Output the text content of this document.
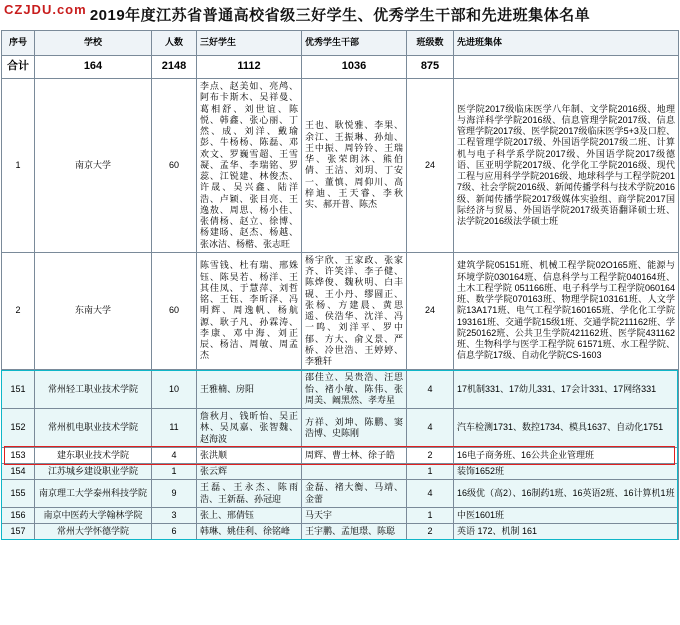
CZJDU.com 2019年度江苏省普通高校省级三好学生、优秀学生干部和先进班集体名单
序号	学校	人数	三好学生	优秀学生干部	班级数	先进班集体
合计	164	2148	1112	1036	875	
1	南京大学	60	李点、赵美如、亮鸬、阿布卡斯木、吴祥曼、葛相舒、刘世谊、陈悦、韩鑫、张心丽、丁然、成、刘洋、戴瑜彭、牛杨杨、陈磊、邓欢文、罗巍雪超、王雪凝、孟华、李瑞铭、罗蕊、江锐建、林俊杰、许晟、吴兴鑫、陆洋浩、卢颖、张目亮、王逸敖、周思、杨小佳、张倩杨、赵立、徐博、杨建旸、赵杰、杨越、张冰洁、杨楷、张志旺	王也、耿悦雅、李果、余江、王振琳、孙灿、王中振、周钤铃、王瑞华、张荣朗沐、熊伯倩、王洁、刘玥、丁安一、董慎、周仰川、高梓迪、王天睿、李秋实、郝开普、陈杰	24	医学院2017级临床医学八年制、文学院2016级、地理与海洋科学学院2016级、信息管理学院2017级、信息管理学院2017级、医学院2017级临床医学5+3及口腔、工程管理学院2017级、外国语学院2017级二班、计算机与电子科学系学院2017级、外国语学院2017级德语、匡亚明学院2017级、化学化工学院2016级、现代工程与应用科学学院2016级、地球科学与工程学院2017级、社会学院2016级、新闻传播学科与技术学院2016级、新闻传播学院2017级媒体实验组、商学院2017国际经济与贸易、外国语学院2017级英语翻译硕士班、法学院2016级法学硕士班
2	东南大学	60	陈雪钱、杜有瑞、邢姝钰、陈昊若、杨洋、王其佳凤、于慧萍、刘哲铭、王钰、李昕泽、冯明辉、周逸帆、杨航源、耿子凡、孙霖涛、李康、邓中海、刘正辰、杨洁、周敏、周孟杰	杨宇欣、王家政、张家齐、许笑洋、李子健、陈烨俊、魏秋明、白丰砚、王小丹、缪圆正、张杨、方建晨、黄思遥、侯浩华、沈洋、冯一鸣、刘洋平、罗中郁、方大、俞义景、严桥、冷世浩、王婷婷、李雅轩	24	建筑学院05151班、机械工程学院02O165班、能源与环境学院030164班、信息科学与工程学院040164班、土木工程学院 051166班、电子科学与工程学院060164班、数学学院070163班、物理学院103161班、人文学院13A171班、电气工程学院160165班、学化化工学院193161班、交通学院15级1班、交通学院211162班、学院250162班、公共卫生学院421162班、医学院431162班、生物科学与医学工程学院 61571班、水工程学院、信息学院17级、自动化学院CS-1603
151	常州轻工职业技术学院	10	王雅楠、房阳	邵佳立、吴贵浩、汪思怡、褚小敏、陈伟、张周美、阚黑然、孝寿星	4	17机制331、17幼儿331、17会计331、17网络331
152	常州机电职业技术学院	11	詹秋月、钱昕怡、吴正林、吴凤嘉、张智魏、赵海波	方祥、刘坤、陈鹏、窦浩博、史陈刚	4	汽车检测1731、数控1734、模具1637、自动化1751
153	建东职业技术学院	4	张洪顺	周辉、曹士林、徐子皓	2	16电子商务班、16公共企业管理班
154	江苏城乡建设职业学院	1	张云辉		1	装饰1652班
155	南京理工大学泰州科技学院	9	王磊、王永杰、陈雨浩、王新磊、孙冠迎	金磊、褚大衡、马靖、金蕾	4	16级优（高2）、16制药1班、16英语2班、16计算机1班
156	南京中医药大学翰林学院	3	张上、邢倩钰	马天宇	1	中医1601班
157	常州大学怀德学院	6	韩琳、姚佳利、徐铭峰	王宇鹏、孟旭璟、陈聪	2	英语 172、机制 161
